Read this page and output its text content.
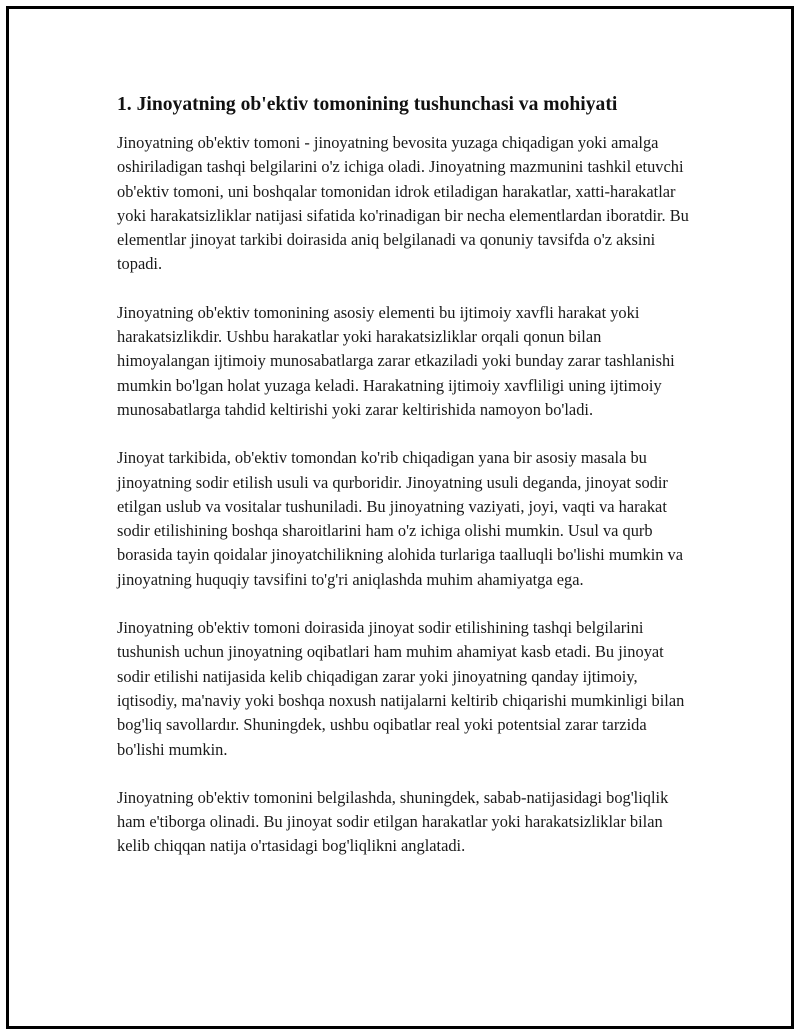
1. Jinoyatning ob'ektiv tomonining tushunchasi va mohiyati

Jinoyatning ob'ektiv tomoni - jinoyatning bevosita yuzaga chiqadigan yoki amalga oshiriladigan tashqi belgilarini o'z ichiga oladi. Jinoyatning mazmunini tashkil etuvchi ob'ektiv tomoni, uni boshqalar tomonidan idrok etiladigan harakatlar, xatti-harakatlar yoki harakatsizliklar natijasi sifatida ko'rinadigan bir necha elementlardan iboratdir. Bu elementlar jinoyat tarkibi doirasida aniq belgilanadi va qonuniy tavsifda o'z aksini topadi.

Jinoyatning ob'ektiv tomonining asosiy elementi bu ijtimoiy xavfli harakat yoki harakatsizlikdir. Ushbu harakatlar yoki harakatsizliklar orqali qonun bilan himoyalangan ijtimoiy munosabatlarga zarar etkaziladi yoki bunday zarar tashlanishi mumkin bo'lgan holat yuzaga keladi. Harakatning ijtimoiy xavfliligi uning ijtimoiy munosabatlarga tahdid keltirishi yoki zarar keltirishida namoyon bo'ladi.

Jinoyat tarkibida, ob'ektiv tomondan ko'rib chiqadigan yana bir asosiy masala bu jinoyatning sodir etilish usuli va qurboridir. Jinoyatning usuli deganda, jinoyat sodir etilgan uslub va vositalar tushuniladi. Bu jinoyatning vaziyati, joyi, vaqti va harakat sodir etilishining boshqa sharoitlarini ham o'z ichiga olishi mumkin. Usul va qurb borasida tayin qoidalar jinoyatchilikning alohida turlariga taalluqli bo'lishi mumkin va jinoyatning huquqiy tavsifini to'g'ri aniqlashda muhim ahamiyatga ega.

Jinoyatning ob'ektiv tomoni doirasida jinoyat sodir etilishining tashqi belgilarini tushunish uchun jinoyatning oqibatlari ham muhim ahamiyat kasb etadi. Bu jinoyat sodir etilishi natijasida kelib chiqadigan zarar yoki jinoyatning qanday ijtimoiy, iqtisodiy, ma'naviy yoki boshqa noxush natijalarni keltirib chiqarishi mumkinligi bilan bog'liq savollardır. Shuningdek, ushbu oqibatlar real yoki potentsial zarar tarzida bo'lishi mumkin.

Jinoyatning ob'ektiv tomonini belgilashda, shuningdek, sabab-natijasidagi bog'liqlik ham e'tiborga olinadi. Bu jinoyat sodir etilgan harakatlar yoki harakatsizliklar bilan kelib chiqqan natija o'rtasidagi bog'liqlikni anglatadi.
